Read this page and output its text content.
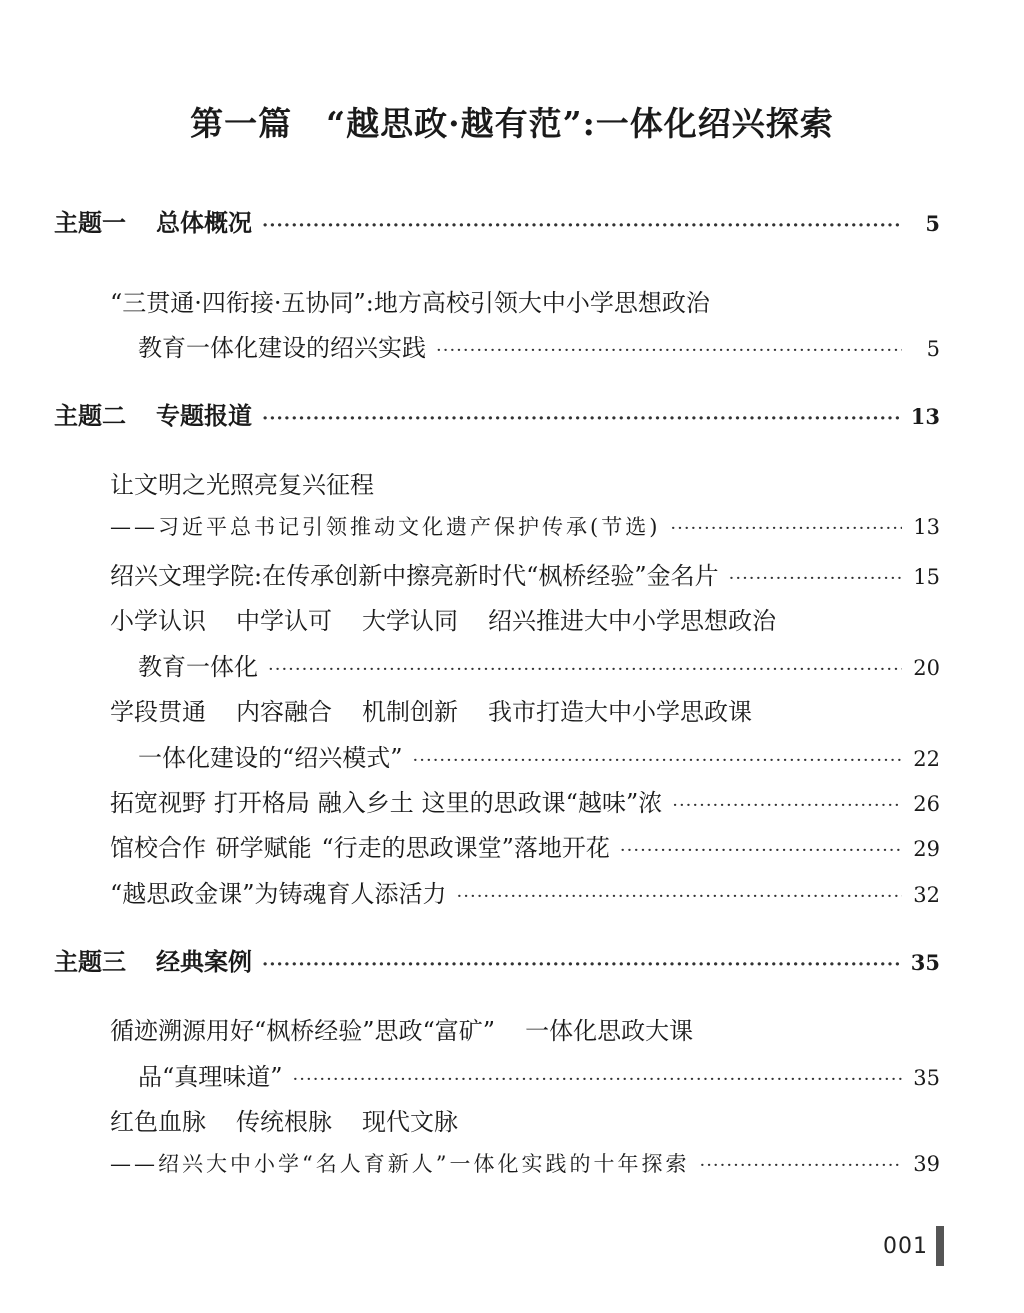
第一篇　“越思政·越有范”:一体化绍兴探索
主题一 总体概况 ·····	5
“三贯通·四衔接·五协同”:地方高校引领大中小学思想政治
教育一体化建设的绍兴实践 ·····	5
主题二 专题报道 ·····	13
让文明之光照亮复兴征程
——习近平总书记引领推动文化遗产保护传承(节选) ·····	13
绍兴文理学院:在传承创新中擦亮新时代“枫桥经验”金名片 ·····	15
小学认识 中学认可 大学认同 绍兴推进大中小学思想政治
教育一体化 ·····	20
学段贯通 内容融合 机制创新 我市打造大中小学思政课
一体化建设的“绍兴模式” ·····	22
拓宽视野 打开格局 融入乡土 这里的思政课“越味”浓 ·····	26
馆校合作 研学赋能 “行走的思政课堂”落地开花 ·····	29
“越思政金课”为铸魂育人添活力 ·····	32
主题三 经典案例 ·····	35
循迹溯源用好“枫桥经验”思政“富矿” 一体化思政大课
品“真理味道” ·····	35
红色血脉 传统根脉 现代文脉
——绍兴大中小学“名人育新人”一体化实践的十年探索 ·····	39
001
